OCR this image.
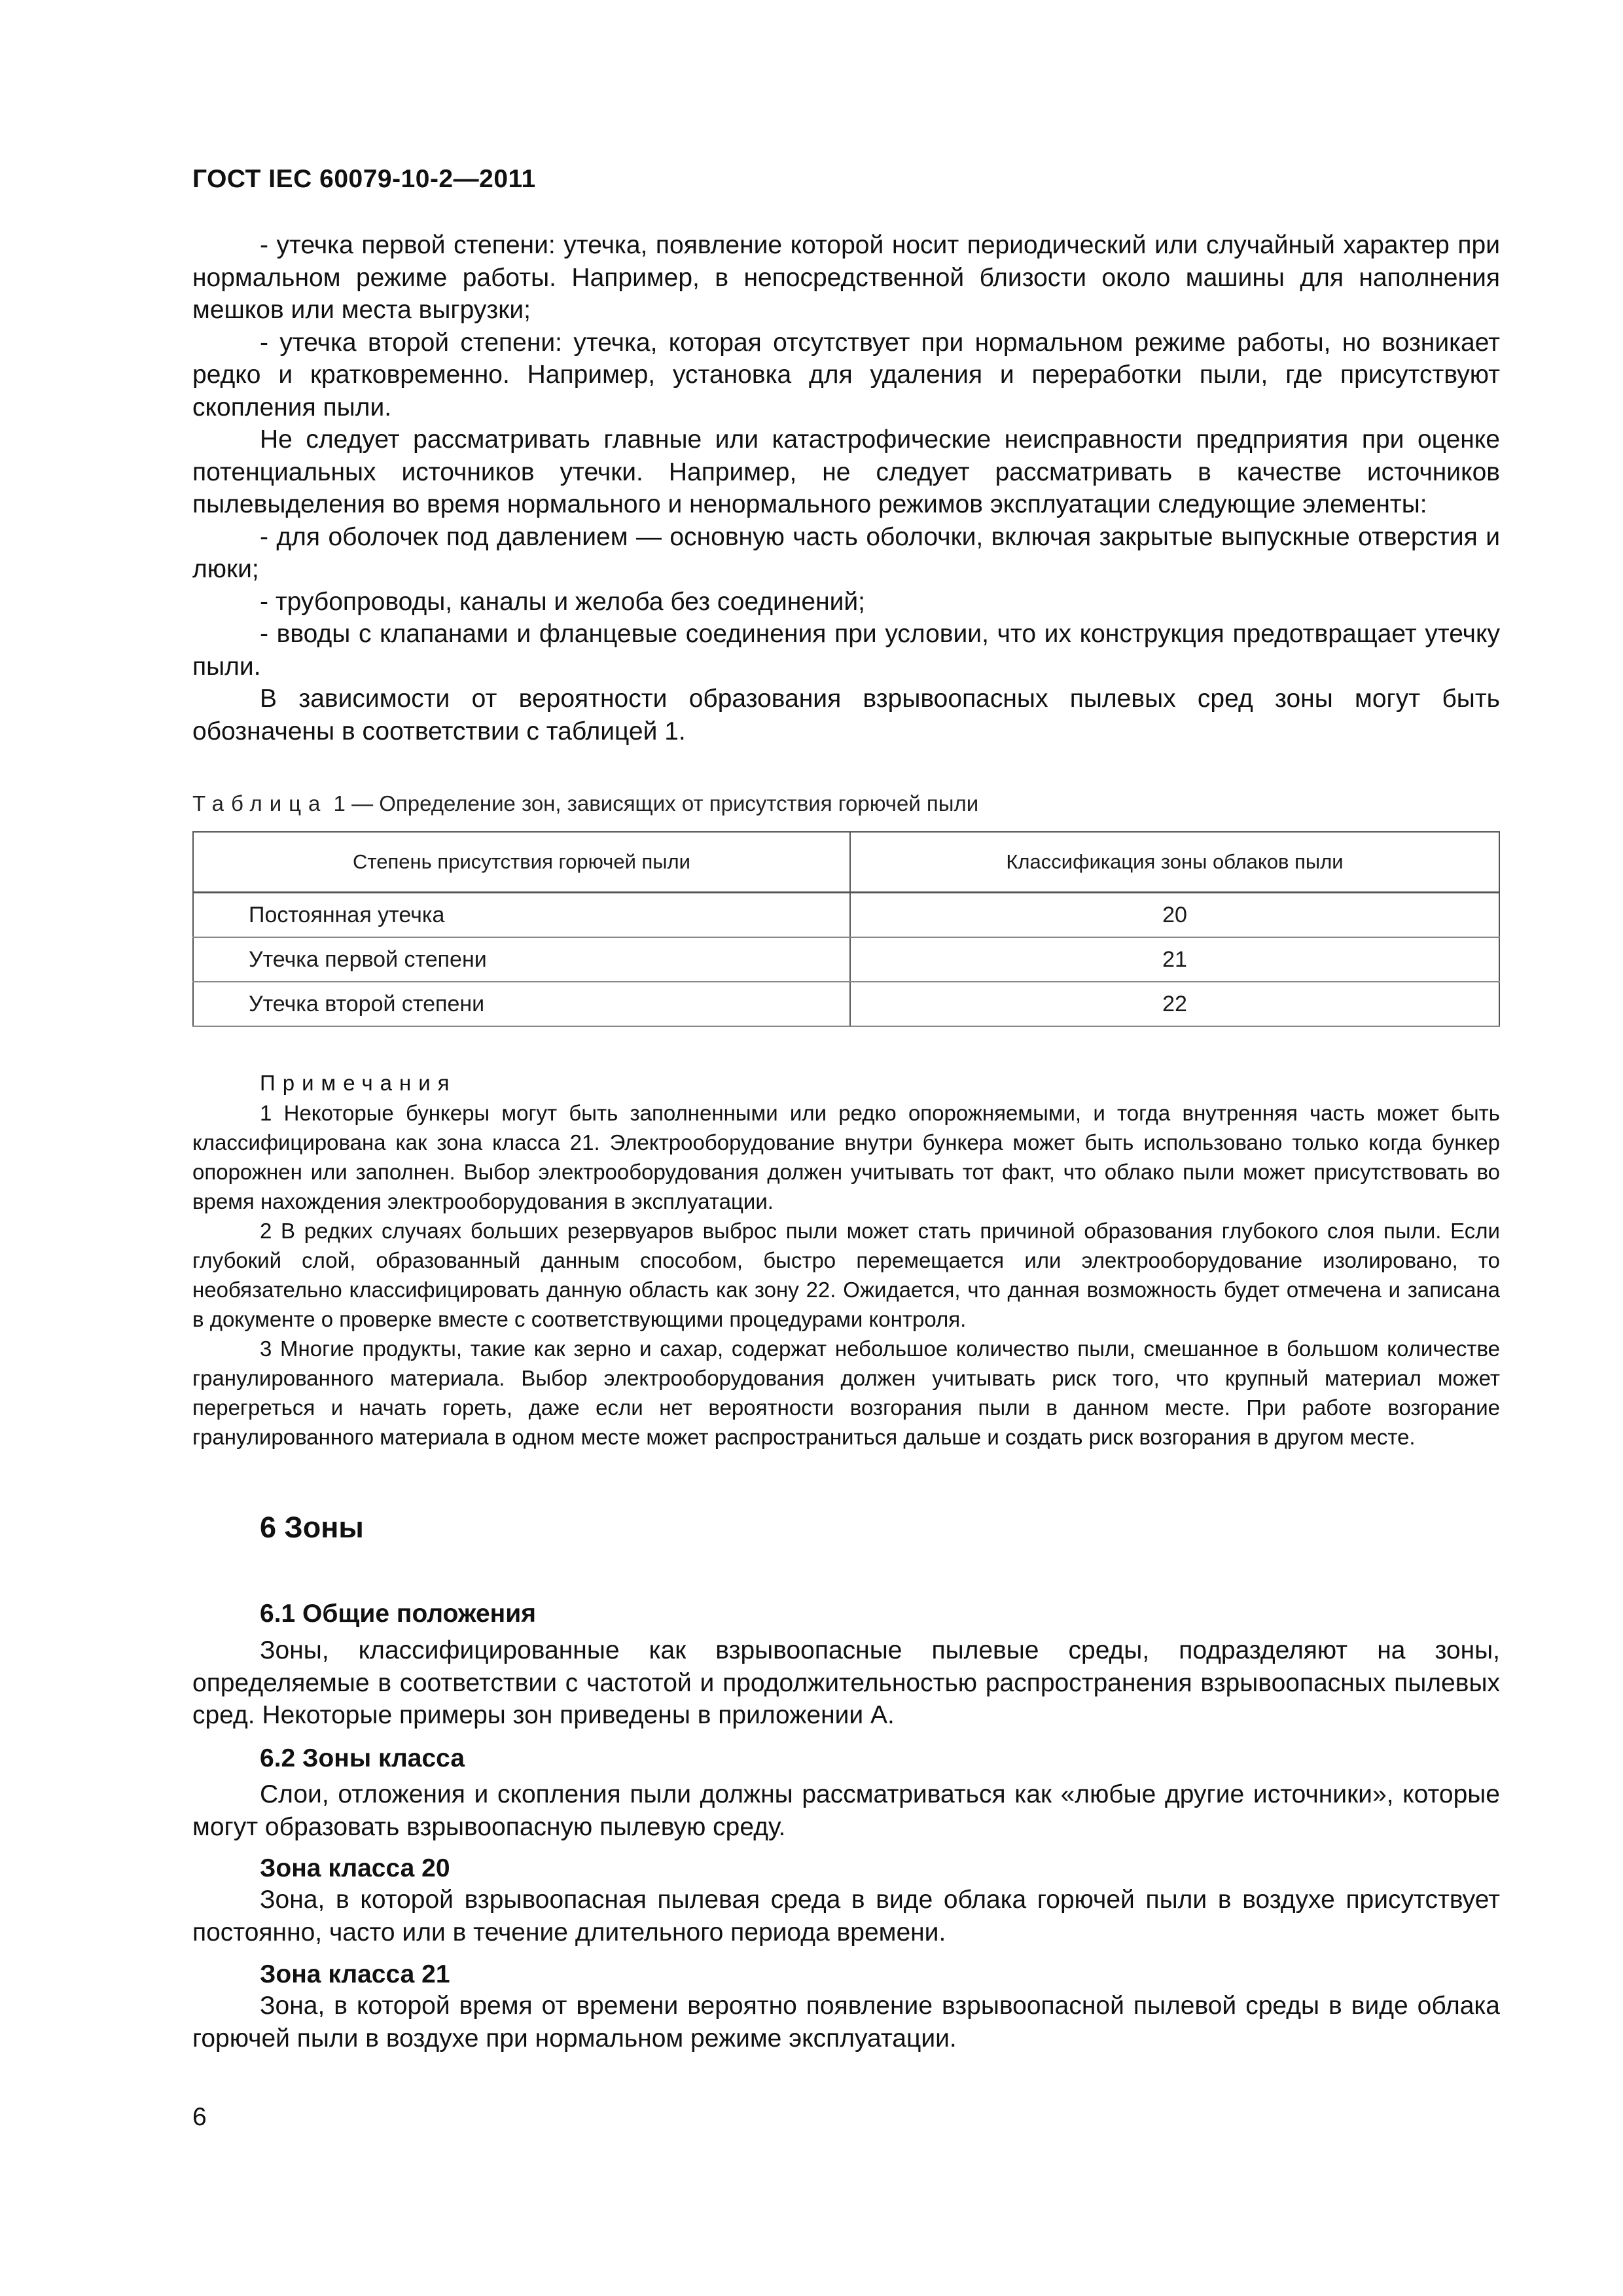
ГОСТ IEC 60079-10-2—2011

- утечка первой степени: утечка, появление которой носит периодический или случайный характер при нормальном режиме работы. Например, в непосредственной близости около машины для наполнения мешков или места выгрузки;

- утечка второй степени: утечка, которая отсутствует при нормальном режиме работы, но возникает редко и кратковременно. Например, установка для удаления и переработки пыли, где присутствуют скопления пыли.

Не следует рассматривать главные или катастрофические неисправности предприятия при оценке потенциальных источников утечки. Например, не следует рассматривать в качестве источников пылевыделения во время нормального и ненормального режимов эксплуатации следующие элементы:

- для оболочек под давлением — основную часть оболочки, включая закрытые выпускные отверстия и люки;

- трубопроводы, каналы и желоба без соединений;

- вводы с клапанами и фланцевые соединения при условии, что их конструкция предотвращает утечку пыли.

В зависимости от вероятности образования взрывоопасных пылевых сред зоны могут быть обозначены в соответствии с таблицей 1.

Таблица 1 — Определение зон, зависящих от присутствия горючей пыли
Степень присутствия горючей пыли	Классификация зоны облаков пыли
Постоянная утечка	20
Утечка первой степени	21
Утечка второй степени	22
Примечания

1 Некоторые бункеры могут быть заполненными или редко опорожняемыми, и тогда внутренняя часть может быть классифицирована как зона класса 21. Электрооборудование внутри бункера может быть использовано только когда бункер опорожнен или заполнен. Выбор электрооборудования должен учитывать тот факт, что облако пыли может присутствовать во время нахождения электрооборудования в эксплуатации.

2 В редких случаях больших резервуаров выброс пыли может стать причиной образования глубокого слоя пыли. Если глубокий слой, образованный данным способом, быстро перемещается или электрооборудование изолировано, то необязательно классифицировать данную область как зону 22. Ожидается, что данная возможность будет отмечена и записана в документе о проверке вместе с соответствующими процедурами контроля.

3 Многие продукты, такие как зерно и сахар, содержат небольшое количество пыли, смешанное в большом количестве гранулированного материала. Выбор электрооборудования должен учитывать риск того, что крупный материал может перегреться и начать гореть, даже если нет вероятности возгорания пыли в данном месте. При работе возгорание гранулированного материала в одном месте может распространиться дальше и создать риск возгорания в другом месте.

6 Зоны
6.1 Общие положения

Зоны, классифицированные как взрывоопасные пылевые среды, подразделяют на зоны, определяемые в соответствии с частотой и продолжительностью распространения взрывоопасных пылевых сред. Некоторые примеры зон приведены в приложении А.

6.2 Зоны класса

Слои, отложения и скопления пыли должны рассматриваться как «любые другие источники», которые могут образовать взрывоопасную пылевую среду.

Зона класса 20

Зона, в которой взрывоопасная пылевая среда в виде облака горючей пыли в воздухе присутствует постоянно, часто или в течение длительного периода времени.

Зона класса 21

Зона, в которой время от времени вероятно появление взрывоопасной пылевой среды в виде облака горючей пыли в воздухе при нормальном режиме эксплуатации.

6
